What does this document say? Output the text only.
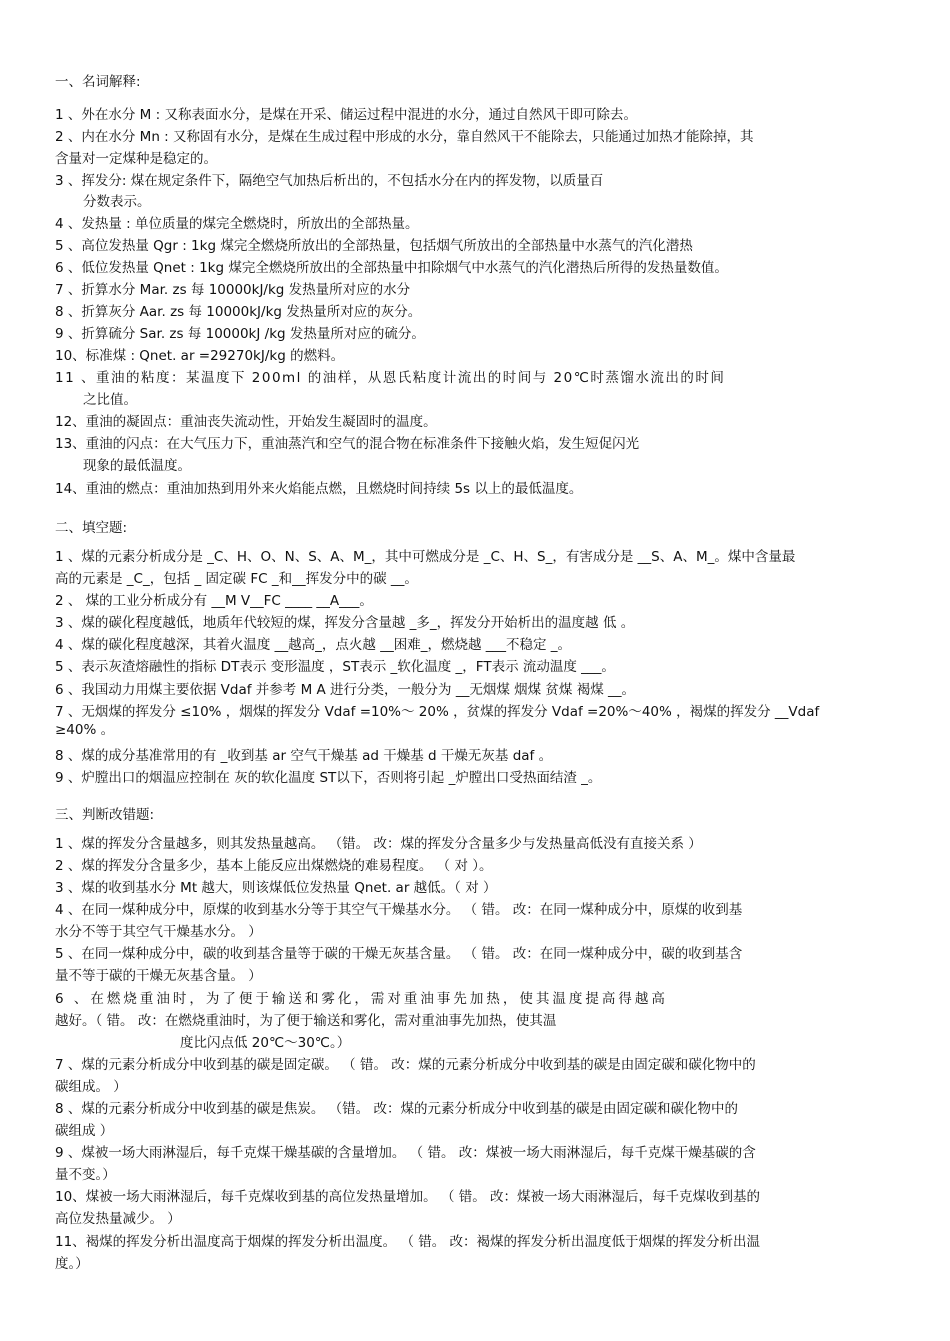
一、名词解释:
1 、外在水分 M : 又称表面水分，是煤在开采、储运过程中混进的水分，通过自然风干即可除去。
2 、内在水分 Mn : 又称固有水分，是煤在生成过程中形成的水分，靠自然风干不能除去，只能通过加热才能除掉，其
含量对一定煤种是稳定的。
3 、挥发分: 煤在规定条件下，隔绝空气加热后析出的，不包括水分在内的挥发物，以质量百
分数表示。
4 、发热量 : 单位质量的煤完全燃烧时，所放出的全部热量。
5 、高位发热量 Qgr : 1kg 煤完全燃烧所放出的全部热量，包括烟气所放出的全部热量中水蒸气的汽化潜热
6 、低位发热量 Qnet : 1kg 煤完全燃烧所放出的全部热量中扣除烟气中水蒸气的汽化潜热后所得的发热量数值。
7 、折算水分 Mar. zs 每 10000kJ/kg 发热量所对应的水分
8 、折算灰分 Aar. zs 每 10000kJ/kg 发热量所对应的灰分。
9 、折算硫分 Sar. zs 每 10000kJ /kg 发热量所对应的硫分。
10、标准煤 : Qnet. ar =29270kJ/kg 的燃料。
11 、重油的粘度：某温度下 200ml 的油样，从恩氏粘度计流出的时间与 20℃时蒸馏水流出的时间
之比值。
12、重油的凝固点：重油丧失流动性，开始发生凝固时的温度。
13、重油的闪点：在大气压力下，重油蒸汽和空气的混合物在标准条件下接触火焰，发生短促闪光
现象的最低温度。
14、重油的燃点：重油加热到用外来火焰能点燃，且燃烧时间持续 5s 以上的最低温度。
二、填空题:
1 、煤的元素分析成分是 _C、H、O、N、S、A、M_，其中可燃成分是 _C、H、S_，有害成分是 __S、A、M_。煤中含量最
高的元素是 _C_，包括 _ 固定碳 FC _和__挥发分中的碳 __。
2 、 煤的工业分析成分有 __M V__FC ____ __A___。
3 、煤的碳化程度越低，地质年代较短的煤，挥发分含量越 _多_，挥发分开始析出的温度越 低 。
4 、煤的碳化程度越深，其着火温度 __越高_，点火越 __困难_，燃烧越 ___不稳定 _。
5 、表示灰渣熔融性的指标 DT表示 变形温度 ，ST表示 _软化温度 _，FT表示 流动温度 ___。
6 、我国动力用煤主要依据 Vdaf 并参考 M A 进行分类，一般分为 __无烟煤 烟煤 贫煤 褐煤 __。
7 、无烟煤的挥发分 ≤10% ，烟煤的挥发分 Vdaf =10%～ 20% ，贫煤的挥发分 Vdaf =20%～40% ，褐煤的挥发分 __Vdaf
≥40% 。
8 、煤的成分基准常用的有 _收到基 ar 空气干燥基 ad 干燥基 d 干燥无灰基 daf 。
9 、炉膛出口的烟温应控制在 灰的软化温度 ST以下，否则将引起 _炉膛出口受热面结渣 _。
三、判断改错题:
1 、煤的挥发分含量越多，则其发热量越高。 （错。 改：煤的挥发分含量多少与发热量高低没有直接关系 ）
2 、煤的挥发分含量多少，基本上能反应出煤燃烧的难易程度。 （ 对 ）。
3 、煤的收到基水分 Mt 越大，则该煤低位发热量 Qnet. ar 越低。（ 对 ）
4 、在同一煤种成分中，原煤的收到基水分等于其空气干燥基水分。 （ 错。 改：在同一煤种成分中，原煤的收到基
水分不等于其空气干燥基水分。 ）
5 、在同一煤种成分中，碳的收到基含量等于碳的干燥无灰基含量。 （ 错。 改：在同一煤种成分中，碳的收到基含
量不等于碳的干燥无灰基含量。 ）
6 、在燃烧重油时，为了便于输送和雾化，需对重油事先加热，使其温度提高得越高
越好。（ 错。 改：在燃烧重油时，为了便于输送和雾化，需对重油事先加热，使其温
度比闪点低 20℃～30℃。）
7 、煤的元素分析成分中收到基的碳是固定碳。 （ 错。 改：煤的元素分析成分中收到基的碳是由固定碳和碳化物中的
碳组成。 ）
8 、煤的元素分析成分中收到基的碳是焦炭。 （错。 改：煤的元素分析成分中收到基的碳是由固定碳和碳化物中的
碳组成 ）
9 、煤被一场大雨淋湿后，每千克煤干燥基碳的含量增加。 （ 错。 改：煤被一场大雨淋湿后，每千克煤干燥基碳的含
量不变。）
10、煤被一场大雨淋湿后，每千克煤收到基的高位发热量增加。 （ 错。 改：煤被一场大雨淋湿后，每千克煤收到基的
高位发热量减少。 ）
11、褐煤的挥发分析出温度高于烟煤的挥发分析出温度。 （ 错。 改：褐煤的挥发分析出温度低于烟煤的挥发分析出温
度。）
